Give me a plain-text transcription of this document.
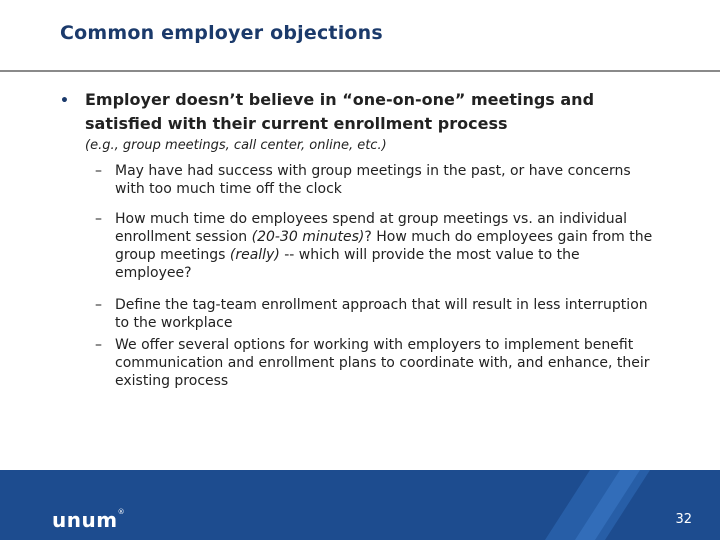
Common employer objections
• Employer doesn’t believe in “one-on-one” meetings and satisfied with their current enrollment process
(e.g., group meetings, call center, online, etc.)
– May have had success with group meetings in the past, or have concerns with too much time off the clock
– How much time do employees spend at group meetings vs. an individual enrollment session (20-30 minutes)? How much do employees gain from the group meetings (really) -- which will provide the most value to the employee?
– Define the tag-team enrollment approach that will result in less interruption to the workplace
– We offer several options for working with employers to implement benefit communication and enrollment plans to coordinate with, and enhance, their existing process
unum®	32
